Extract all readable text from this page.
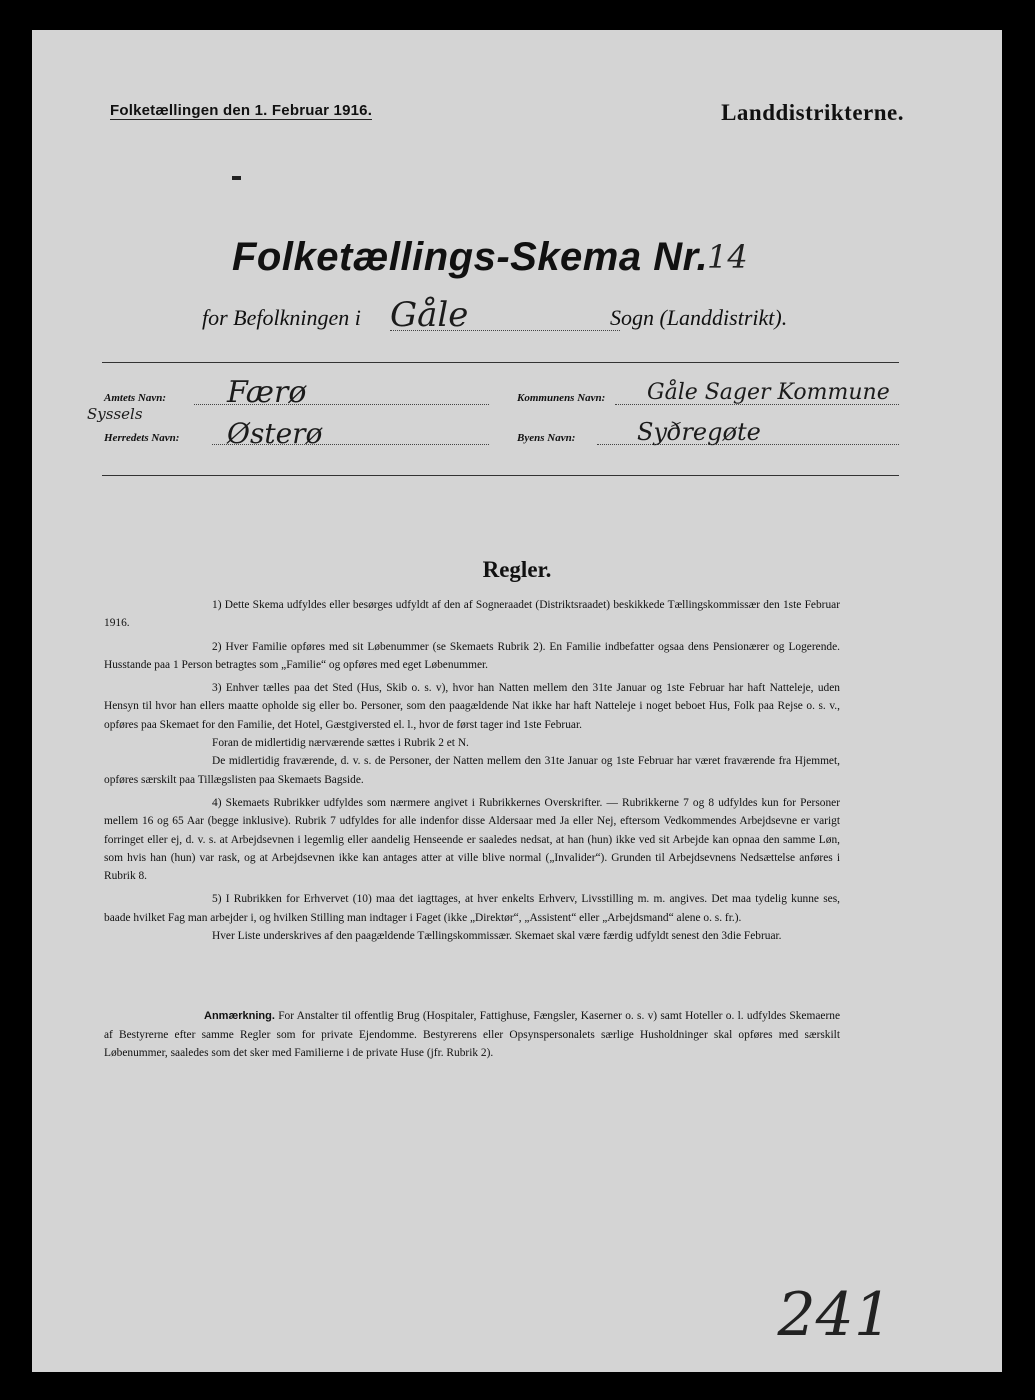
Folketællingen den 1. Februar 1916.	Landdistrikterne.
Folketællings-Skema Nr.
14
for Befolkningen i Gåle	Sogn (Landdistrikt).
Amtets Navn: Færø
Syssels
Herredets Navn: Østerø
Kommunens Navn: Gåle Sager Kommune
Byens Navn:	Syðregøte
Regler.

1) Dette Skema udfyldes eller besørges udfyldt af den af Sogneraadet (Distriktsraadet) beskikkede Tællingskommissær den 1ste Februar 1916.

2) Hver Familie opføres med sit Løbenummer (se Skemaets Rubrik 2). En Familie indbefatter ogsaa dens Pensionærer og Logerende. Husstande paa 1 Person betragtes som „Familie“ og opføres med eget Løbenummer.

3) Enhver tælles paa det Sted (Hus, Skib o. s. v), hvor han Natten mellem den 31te Januar og 1ste Februar har haft Natteleje, uden Hensyn til hvor han ellers maatte opholde sig eller bo. Personer, som den paagældende Nat ikke har haft Natteleje i noget beboet Hus, Folk paa Rejse o. s. v., opføres paa Skemaet for den Familie, det Hotel, Gæstgiversted el. l., hvor de først tager ind 1ste Februar.

Foran de midlertidig nærværende sættes i Rubrik 2 et N.

De midlertidig fraværende, d. v. s. de Personer, der Natten mellem den 31te Januar og 1ste Februar har været fraværende fra Hjemmet, opføres særskilt paa Tillægslisten paa Skemaets Bagside.

4) Skemaets Rubrikker udfyldes som nærmere angivet i Rubrikkernes Overskrifter. — Rubrikkerne 7 og 8 udfyldes kun for Personer mellem 16 og 65 Aar (begge inklusive). Rubrik 7 udfyldes for alle indenfor disse Aldersaar med Ja eller Nej, eftersom Vedkommendes Arbejdsevne er varigt forringet eller ej, d. v. s. at Arbejdsevnen i legemlig eller aandelig Henseende er saaledes nedsat, at han (hun) ikke ved sit Arbejde kan opnaa den samme Løn, som hvis han (hun) var rask, og at Arbejdsevnen ikke kan antages atter at ville blive normal („Invalider“). Grunden til Arbejdsevnens Nedsættelse anføres i Rubrik 8.

5) I Rubrikken for Erhvervet (10) maa det iagttages, at hver enkelts Erhverv, Livsstilling m. m. angives. Det maa tydelig kunne ses, baade hvilket Fag man arbejder i, og hvilken Stilling man indtager i Faget (ikke „Direktør“, „Assistent“ eller „Arbejdsmand“ alene o. s. fr.).

Hver Liste underskrives af den paagældende Tællingskommissær. Skemaet skal være færdig udfyldt senest den 3die Februar.

Anmærkning. For Anstalter til offentlig Brug (Hospitaler, Fattighuse, Fængsler, Kaserner o. s. v) samt Hoteller o. l. udfyldes Skemaerne af Bestyrerne efter samme Regler som for private Ejendomme. Bestyrerens eller Opsynspersonalets særlige Husholdninger skal opføres med særskilt Løbenummer, saaledes som det sker med Familierne i de private Huse (jfr. Rubrik 2).

241
